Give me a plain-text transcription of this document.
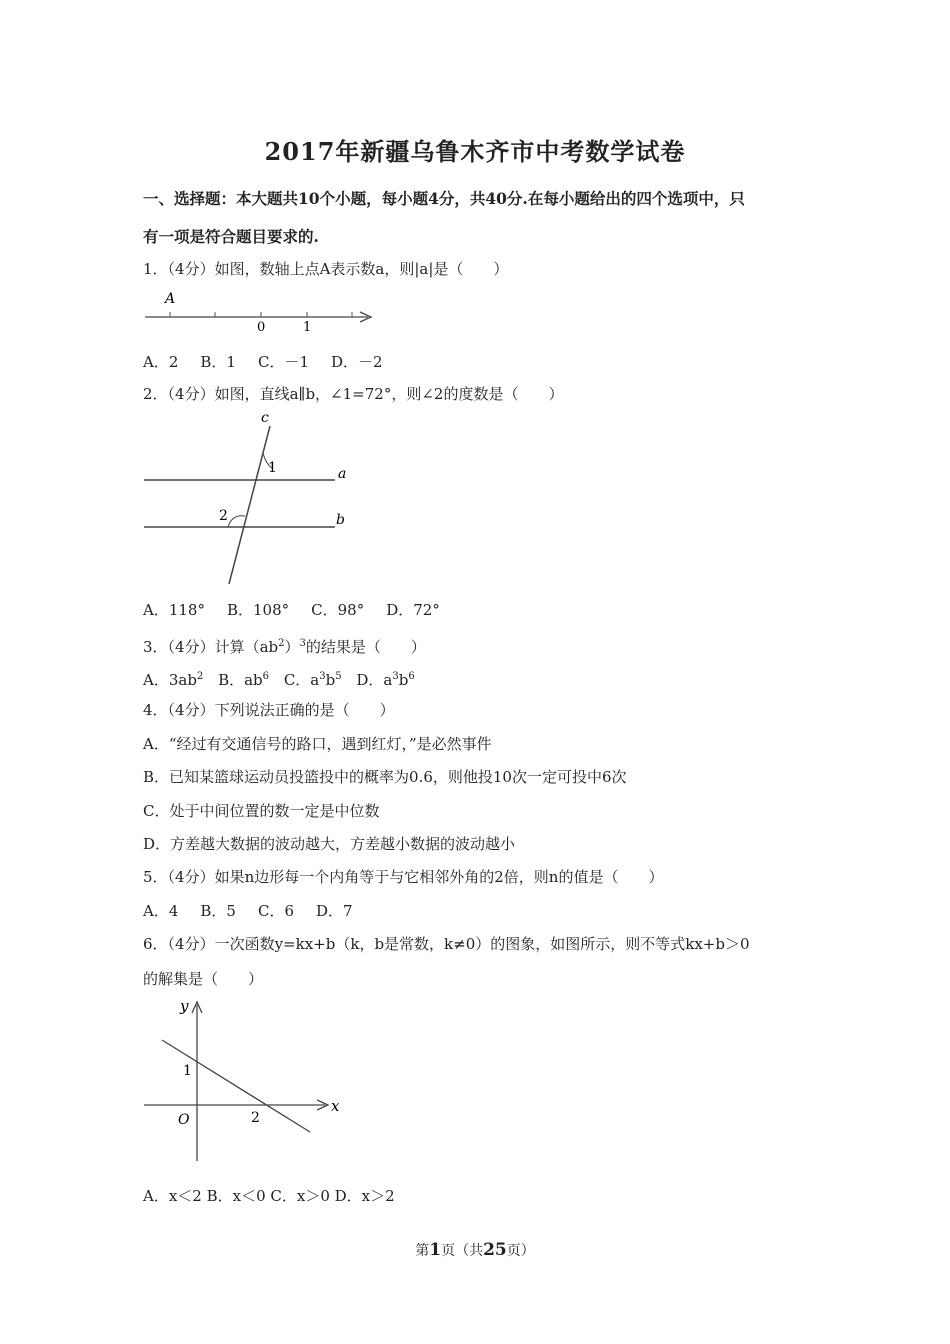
2017年新疆乌鲁木齐市中考数学试卷
一、选择题：本大题共10个小题，每小题4分，共40分.在每小题给出的四个选项中，只
有一项是符合题目要求的.
1．（4分）如图，数轴上点A表示数a，则|a|是（　　）
A
0	1
A．2 B．1 C．－1 D．－2
2．（4分）如图，直线a∥b，∠1=72°，则∠2的度数是（　　）
c
a
b
1
2
A．118° B．108° C．98° D．72°
3．（4分）计算$(ab^2)^3$的结果是（　　）
A．$3ab^2$ B．$ab^6$ C．$a^3b^5$ D．$a^3b^6$
4．（4分）下列说法正确的是（　　）
A．“经过有交通信号的路口，遇到红灯，”是必然事件
B．已知某篮球运动员投篮投中的概率为0.6，则他投10次一定可投中6次
C．处于中间位置的数一定是中位数
D．方差越大数据的波动越大，方差越小数据的波动越小
5．（4分）如果n边形每一个内角等于与它相邻外角的2倍，则n的值是（　　）
A．4 B．5 C．6 D．7
6．（4分）一次函数y=kx+b（k，b是常数，k≠0）的图象，如图所示，则不等式kx+b＞0
的解集是（　　）
y
x
O
1
2
A．x＜2 B．x＜0 C．x＞0 D．x＞2
第1页（共25页）
